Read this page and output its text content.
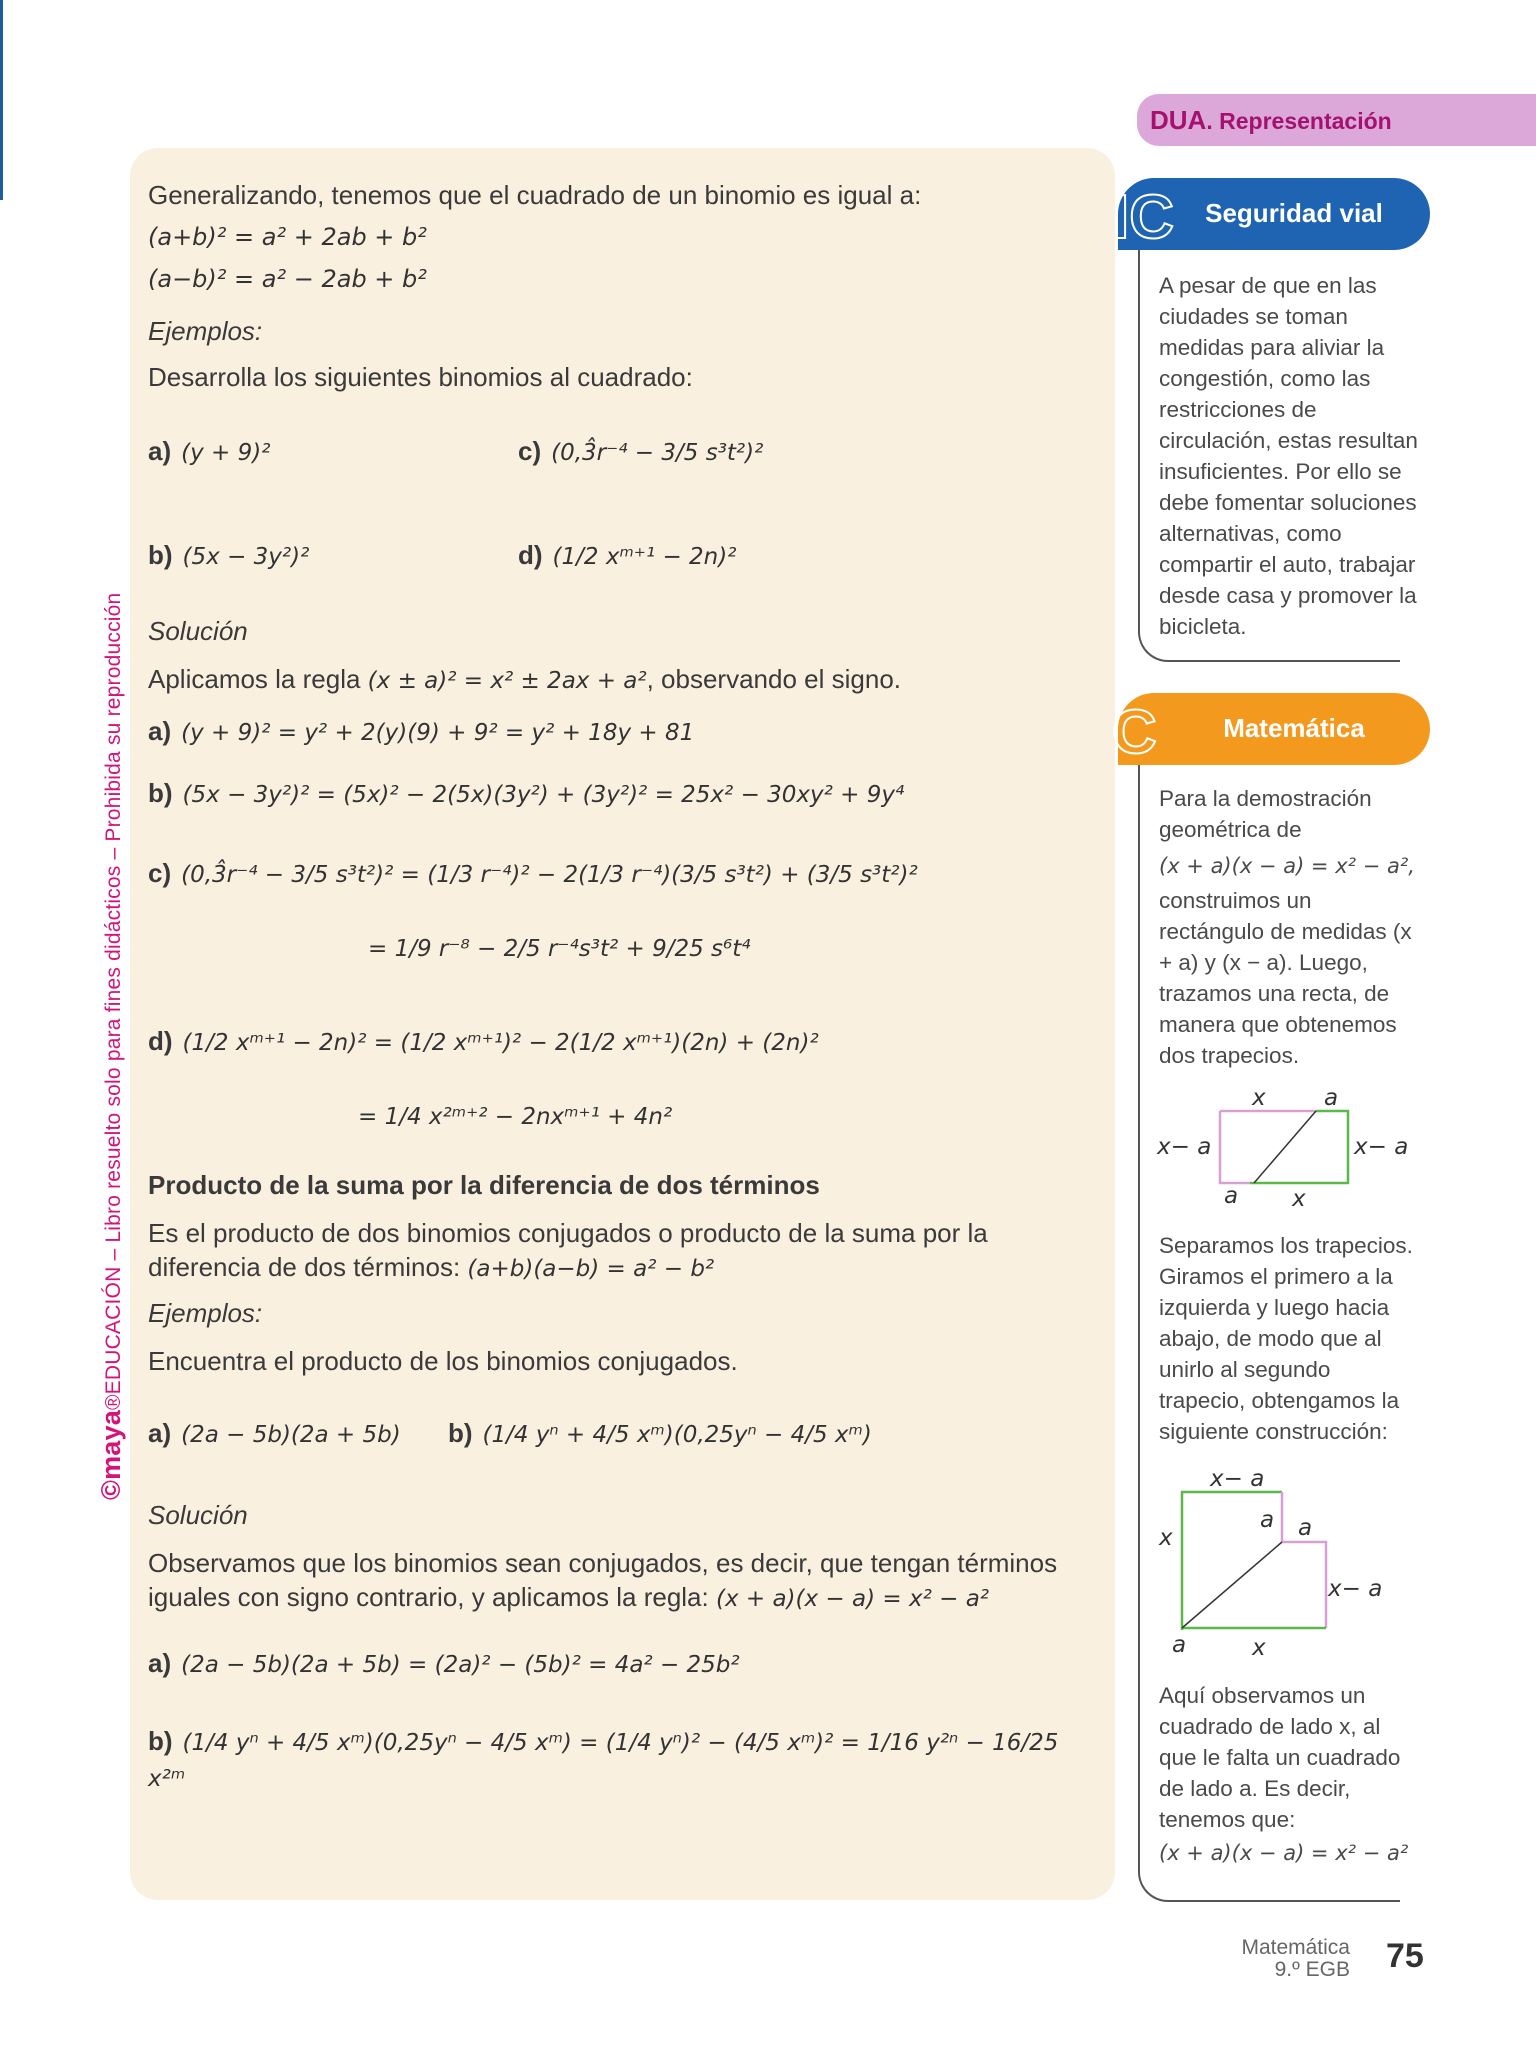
©maya®EDUCACIÓN – Libro resuelto solo para fines didácticos – Prohibida su reproducción

Generalizando, tenemos que el cuadrado de un binomio es igual a:

(a+b)² = a² + 2ab + b²

(a−b)² = a² − 2ab + b²

Ejemplos:

Desarrolla los siguientes binomios al cuadrado:

a) (y + 9)²	c) (0,3̂r⁻⁴ − 3/5 s³t²)²
b) (5x − 3y²)²	d) (1/2 xᵐ⁺¹ − 2n)²

Solución

Aplicamos la regla (x ± a)² = x² ± 2ax + a², observando el signo.

a) (y + 9)² = y² + 2(y)(9) + 9² = y² + 18y + 81

b) (5x − 3y²)² = (5x)² − 2(5x)(3y²) + (3y²)² = 25x² − 30xy² + 9y⁴

c) (0,3̂r⁻⁴ − 3/5 s³t²)² = (1/3 r⁻⁴)² − 2(1/3 r⁻⁴)(3/5 s³t²) + (3/5 s³t²)²

= 1/9 r⁻⁸ − 2/5 r⁻⁴s³t² + 9/25 s⁶t⁴

d) (1/2 xᵐ⁺¹ − 2n)² = (1/2 xᵐ⁺¹)² − 2(1/2 xᵐ⁺¹)(2n) + (2n)²

= 1/4 x²ᵐ⁺² − 2nxᵐ⁺¹ + 4n²

Producto de la suma por la diferencia de dos términos

Es el producto de dos binomios conjugados o producto de la suma por la diferencia de dos términos: (a+b)(a−b) = a² − b²

Ejemplos:

Encuentra el producto de los binomios conjugados.

a) (2a − 5b)(2a + 5b) b) (1/4 yⁿ + 4/5 xᵐ)(0,25yⁿ − 4/5 xᵐ)

Solución

Observamos que los binomios sean conjugados, es decir, que tengan términos iguales con signo contrario, y aplicamos la regla: (x + a)(x − a) = x² − a²

a) (2a − 5b)(2a + 5b) = (2a)² − (5b)² = 4a² − 25b²

b) (1/4 yⁿ + 4/5 xᵐ)(0,25yⁿ − 4/5 xᵐ) = (1/4 yⁿ)² − (4/5 xᵐ)² = 1/16 y²ⁿ − 16/25 x²ᵐ

DUA. Representación
IC	Seguridad vial
A pesar de que en las ciudades se toman medidas para aliviar la congestión, como las restricciones de circulación, estas resultan insuficientes. Por ello se debe fomentar soluciones alternativas, como compartir el auto, trabajar desde casa y promover la bicicleta.
C	Matemática
Para la demostración geométrica de
(x + a)(x − a) = x² − a²,
construimos un rectángulo de medidas (x + a) y (x − a). Luego, trazamos una recta, de manera que obtenemos dos trapecios.
x	a
x− a	x− a
a x
Separamos los trapecios. Giramos el primero a la izquierda y luego hacia abajo, de modo que al unirlo al segundo trapecio, obtengamos la siguiente construcción:
x− a
a a
x
x− a
a	x
Aquí observamos un cuadrado de lado x, al que le falta un cuadrado de lado a. Es decir, tenemos que:
(x + a)(x − a) = x² − a²
Matemática
9.º EGB 75
